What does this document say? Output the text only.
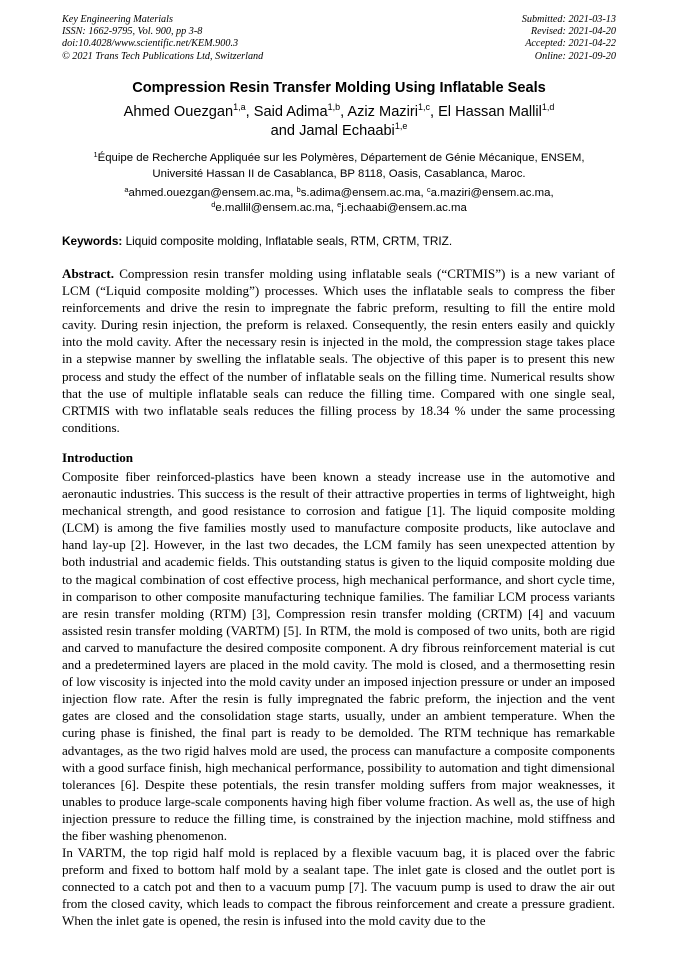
Key Engineering Materials
ISSN: 1662-9795, Vol. 900, pp 3-8
doi:10.4028/www.scientific.net/KEM.900.3
© 2021 Trans Tech Publications Ltd, Switzerland
Submitted: 2021-03-13
Revised: 2021-04-20
Accepted: 2021-04-22
Online: 2021-09-20
Compression Resin Transfer Molding Using Inflatable Seals
Ahmed Ouezgan$^{1,a}$, Said Adima$^{1,b}$, Aziz Maziri$^{1,c}$, El Hassan Mallil$^{1,d}$
and Jamal Echaabi$^{1,e}$
$^1$Équipe de Recherche Appliquée sur les Polymères, Département de Génie Mécanique, ENSEM,
Université Hassan II de Casablanca, BP 8118, Oasis, Casablanca, Maroc.
$^a$ahmed.ouezgan@ensem.ac.ma, $^b$s.adima@ensem.ac.ma, $^c$a.maziri@ensem.ac.ma,
$^d$e.mallil@ensem.ac.ma, $^e$j.echaabi@ensem.ac.ma
Keywords: Liquid composite molding, Inflatable seals, RTM, CRTM, TRIZ.
Abstract. Compression resin transfer molding using inflatable seals (“CRTMIS”) is a new variant of LCM (“Liquid composite molding”) processes. Which uses the inflatable seals to compress the fiber reinforcements and drive the resin to impregnate the fabric preform, resulting to fill the entire mold cavity. During resin injection, the preform is relaxed. Consequently, the resin enters easily and quickly into the mold cavity. After the necessary resin is injected in the mold, the compression stage takes place in a stepwise manner by swelling the inflatable seals. The objective of this paper is to present this new process and study the effect of the number of inflatable seals on the filling time. Numerical results show that the use of multiple inflatable seals can reduce the filling time. Compared with one single seal, CRTMIS with two inflatable seals reduces the filling process by 18.34 % under the same processing conditions.
Introduction

Composite fiber reinforced-plastics have been known a steady increase use in the automotive and aeronautic industries. This success is the result of their attractive properties in terms of lightweight, high mechanical strength, and good resistance to corrosion and fatigue [1]. The liquid composite molding (LCM) is among the five families mostly used to manufacture composite products, like autoclave and hand lay-up [2]. However, in the last two decades, the LCM family has seen unexpected attention by both industrial and academic fields. This outstanding status is given to the liquid composite molding due to the magical combination of cost effective process, high mechanical performance, and short cycle time, in comparison to other composite manufacturing technique families. The familiar LCM process variants are resin transfer molding (RTM) [3], Compression resin transfer molding (CRTM) [4] and vacuum assisted resin transfer molding (VARTM) [5]. In RTM, the mold is composed of two units, both are rigid and carved to manufacture the desired composite component. A dry fibrous reinforcement material is cut and a predetermined layers are placed in the mold cavity. The mold is closed, and a thermosetting resin of low viscosity is injected into the mold cavity under an imposed injection pressure or under an imposed injection flow rate. After the resin is fully impregnated the fabric preform, the injection and the vent gates are closed and the consolidation stage starts, usually, under an ambient temperature. When the curing phase is finished, the final part is ready to be demolded. The RTM technique has remarkable advantages, as the two rigid halves mold are used, the process can manufacture a composite components with a good surface finish, high mechanical performance, possibility to automation and tight dimensional tolerances [6]. Despite these potentials, the resin transfer molding suffers from major weaknesses, it unables to produce large-scale components having high fiber volume fraction. As well as, the use of high injection pressure to reduce the filling time, is constrained by the injection machine, mold stiffness and the fiber washing phenomenon.

In VARTM, the top rigid half mold is replaced by a flexible vacuum bag, it is placed over the fabric preform and fixed to bottom half mold by a sealant tape. The inlet gate is closed and the outlet port is connected to a catch pot and then to a vacuum pump [7]. The vacuum pump is used to draw the air out from the closed cavity, which leads to compact the fibrous reinforcement and create a pressure gradient. When the inlet gate is opened, the resin is infused into the mold cavity due to the
